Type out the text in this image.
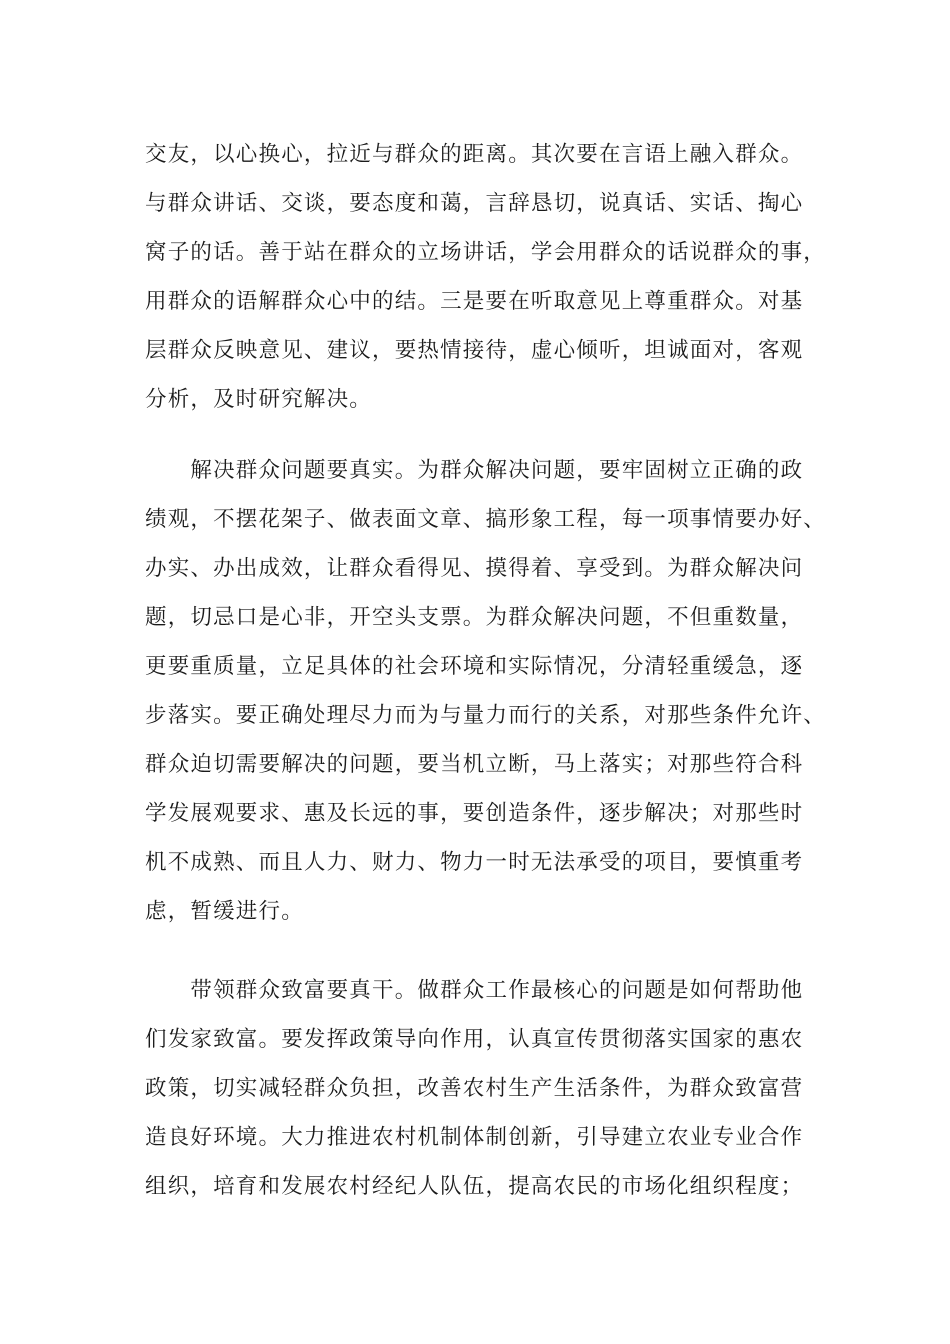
交友，以心换心，拉近与群众的距离。其次要在言语上融入群众。
与群众讲话、交谈，要态度和蔼，言辞恳切，说真话、实话、掏心
窝子的话。善于站在群众的立场讲话，学会用群众的话说群众的事，
用群众的语解群众心中的结。三是要在听取意见上尊重群众。对基
层群众反映意见、建议，要热情接待，虚心倾听，坦诚面对，客观
分析，及时研究解决。
　　解决群众问题要真实。为群众解决问题，要牢固树立正确的政
绩观，不摆花架子、做表面文章、搞形象工程，每一项事情要办好、
办实、办出成效，让群众看得见、摸得着、享受到。为群众解决问
题，切忌口是心非，开空头支票。为群众解决问题，不但重数量，
更要重质量，立足具体的社会环境和实际情况，分清轻重缓急，逐
步落实。要正确处理尽力而为与量力而行的关系，对那些条件允许、
群众迫切需要解决的问题，要当机立断，马上落实；对那些符合科
学发展观要求、惠及长远的事，要创造条件，逐步解决；对那些时
机不成熟、而且人力、财力、物力一时无法承受的项目，要慎重考
虑，暂缓进行。
　　带领群众致富要真干。做群众工作最核心的问题是如何帮助他
们发家致富。要发挥政策导向作用，认真宣传贯彻落实国家的惠农
政策，切实减轻群众负担，改善农村生产生活条件，为群众致富营
造良好环境。大力推进农村机制体制创新，引导建立农业专业合作
组织，培育和发展农村经纪人队伍，提高农民的市场化组织程度；
